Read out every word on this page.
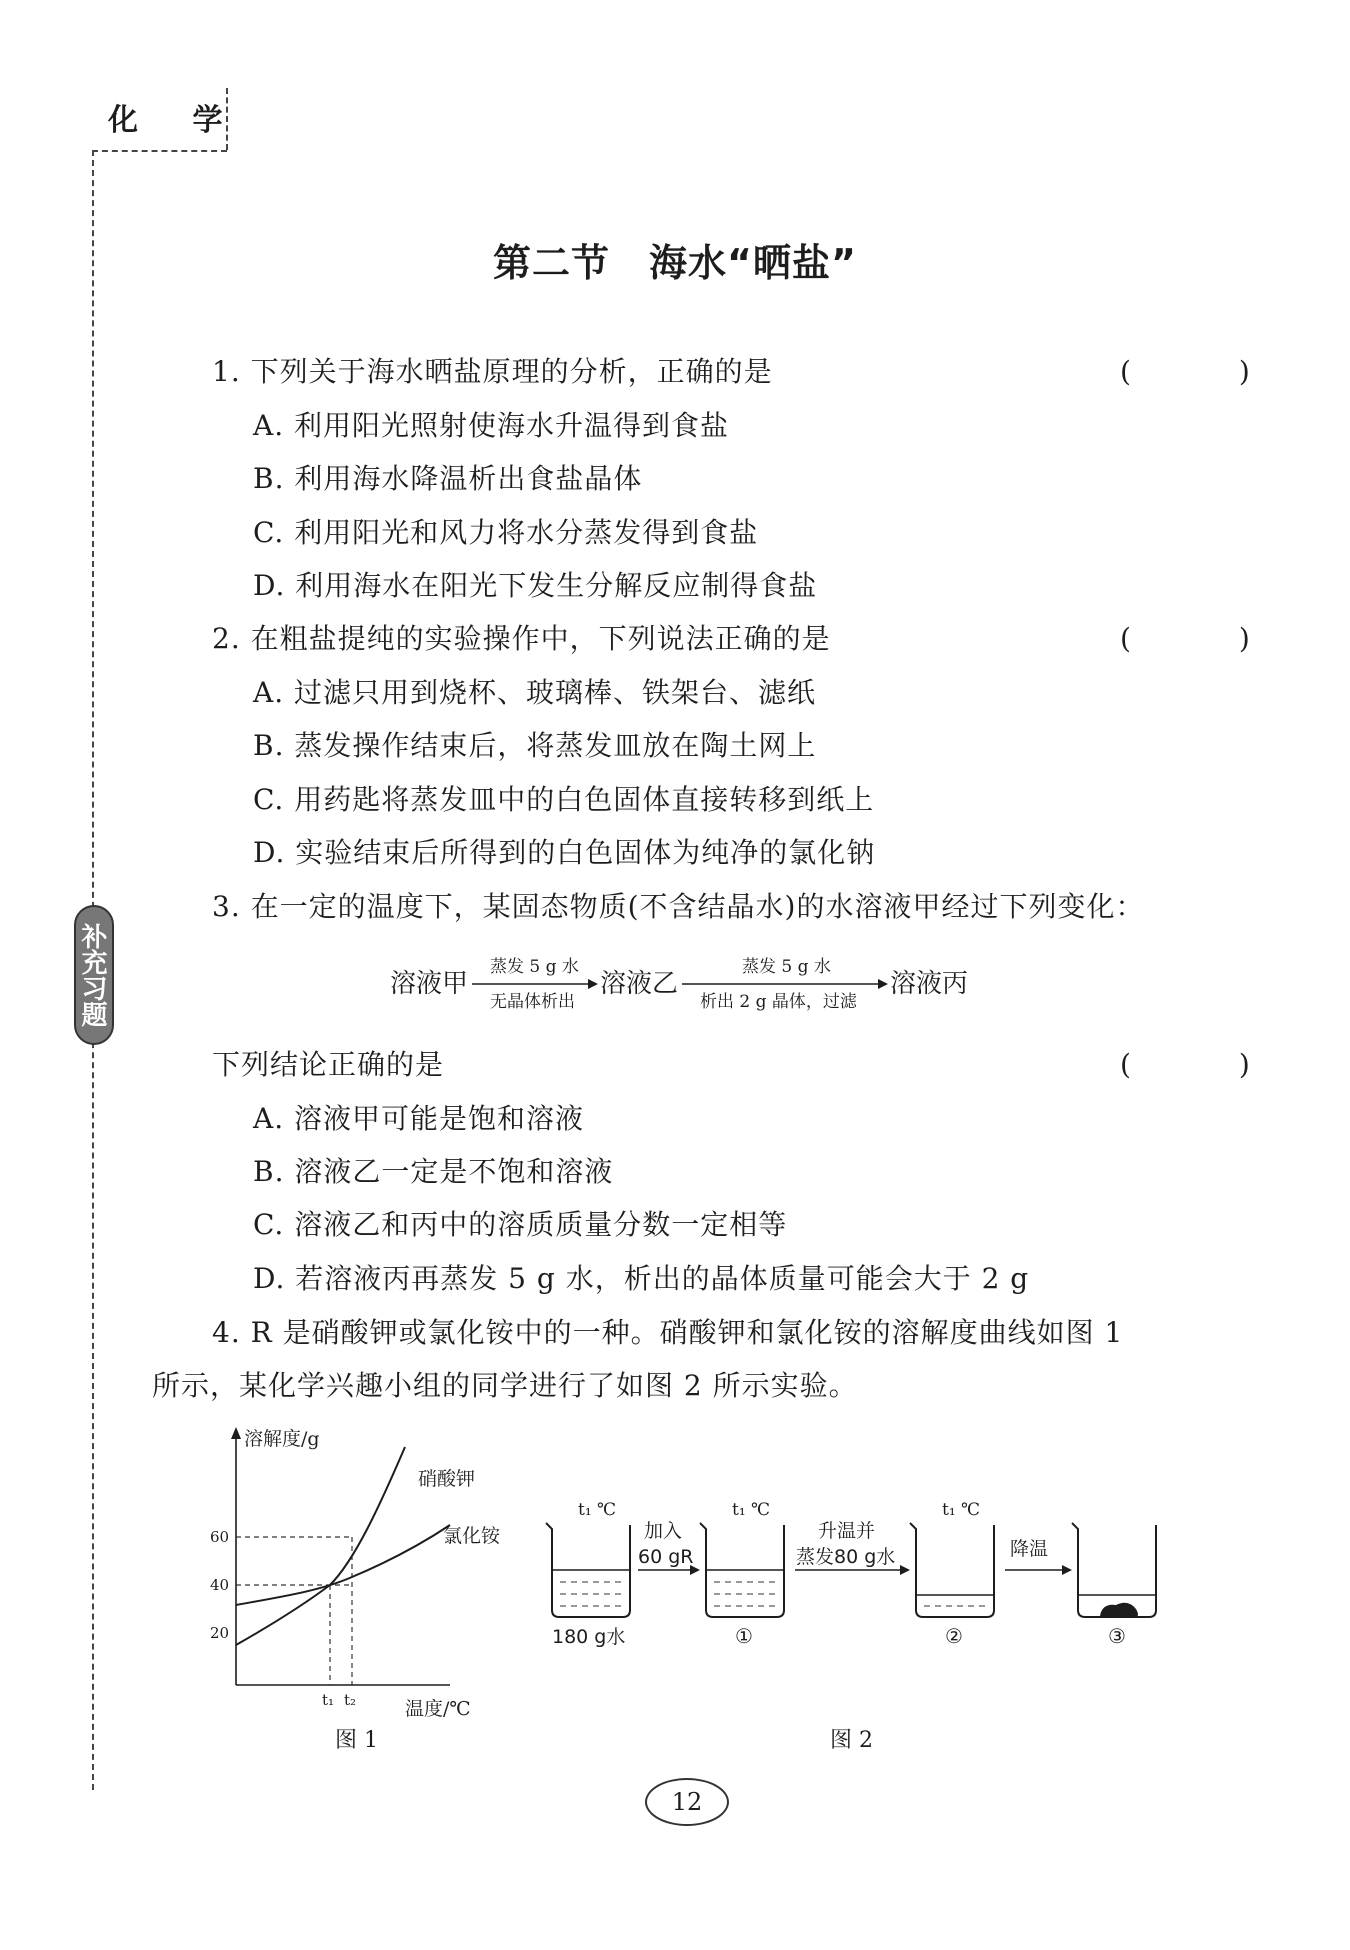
化 学
补充习题
第二节　海水“晒盐”
1. 下列关于海水晒盐原理的分析，正确的是	(　)
A. 利用阳光照射使海水升温得到食盐
B. 利用海水降温析出食盐晶体
C. 利用阳光和风力将水分蒸发得到食盐
D. 利用海水在阳光下发生分解反应制得食盐
2. 在粗盐提纯的实验操作中，下列说法正确的是	(　)
A. 过滤只用到烧杯、玻璃棒、铁架台、滤纸
B. 蒸发操作结束后，将蒸发皿放在陶土网上
C. 用药匙将蒸发皿中的白色固体直接转移到纸上
D. 实验结束后所得到的白色固体为纯净的氯化钠
3. 在一定的温度下，某固态物质(不含结晶水)的水溶液甲经过下列变化：
溶液甲
蒸发 5 g 水
无晶体析出
溶液乙
蒸发 5 g 水
析出 2 g 晶体，过滤
溶液丙
下列结论正确的是	(　)
A. 溶液甲可能是饱和溶液
B. 溶液乙一定是不饱和溶液
C. 溶液乙和丙中的溶质质量分数一定相等
D. 若溶液丙再蒸发 5 g 水，析出的晶体质量可能会大于 2 g
4. R 是硝酸钾或氯化铵中的一种。硝酸钾和氯化铵的溶解度曲线如图 1
所示，某化学兴趣小组的同学进行了如图 2 所示实验。
溶解度/g
温度/℃
60
40
20
硝酸钾
氯化铵
t₁ t₂
图 1
t₁ ℃
180 g水
加入
60 gR
t₁ ℃
①
升温并
蒸发80 g水
t₁ ℃
②
降温
③
图 2
12
